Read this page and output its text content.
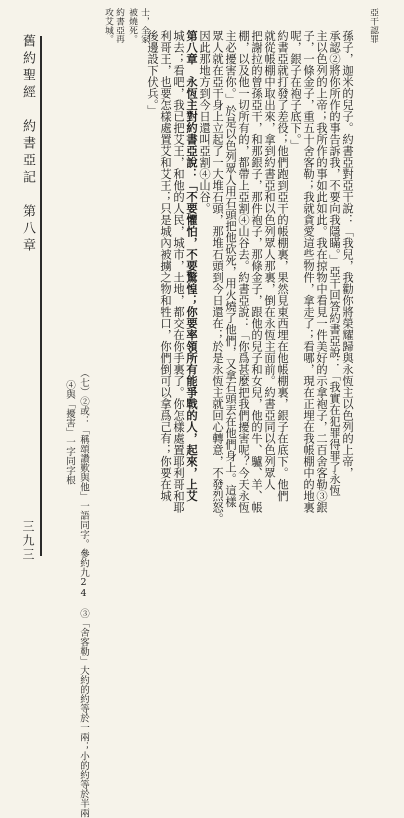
亞干認罪
士，全家
被燒死。
約書亞再
攻艾城。
孫子，迦米的兒子。約書亞對亞干說：「我兒，我勸你將榮耀歸與永恆主以色列的上帝，
承認②將你所作的事告訴我，不要向我隱瞞。」亞干回答約書亞說：「我實在犯罪得罪了永恆
主以色列的上帝；我所作的事如此如此。我在掠物中看見一件美好的示拿袍子，二百舍客勒③銀
子，一條金子，重五十舍客勒；我就貪愛這些物件，拿走了；看哪，現在正埋在我帳棚中的地裏
呢，銀子在袍子底下。」
約書亞就打發了差役；他們跑到亞干的帳棚裏，果然見東西埋在他帳棚裏，銀子在底下。他們
就從帳棚中取出來，拿到約書亞和以色列眾人那裏，倒在永恆主面前。約書亞同以色列眾人
把謝拉的曾孫亞干，和那銀子，那件袍子，那條金子，跟他的兒子和女兒，他的牛、驢、羊、帳
棚，以及他一切所有的，都帶上亞割④山谷去。約書亞說：「你爲甚麼把我們擾害呢？今天永恆
主必擾害你。」於是以色列眾人用石頭把他砍死，用火燒了他們，又拿石頭丟在他們身上。這樣
眾人就在亞干身上立起了一大堆石頭，那堆石頭到今日還在；於是永恆主就回心轉意，不發烈怒。
因此那地方到今日還叫亞割④山谷。
第八章　永恆主對約書亞說：「不要懼怕，不要驚惶；你要率領所有能爭戰的人，起來，上艾
城去；看吧，我已把艾王，和他的人民，城市，土地，都交在你手裏了。你怎樣處置耶利哥和耶
利哥王，也要怎樣處置艾和艾王；只是城內被擄之物和牲口，你們倒可以拿爲己有；你要在城
後邊設下伏兵。」
（七）②或：「稱頌讚歎與他」一語同字。參約九24　③「舍客勒」大約的約等於一兩；小的約等於半兩
④與「擾害」一字同字根
舊約聖經　約書亞記　第八章
三九三
